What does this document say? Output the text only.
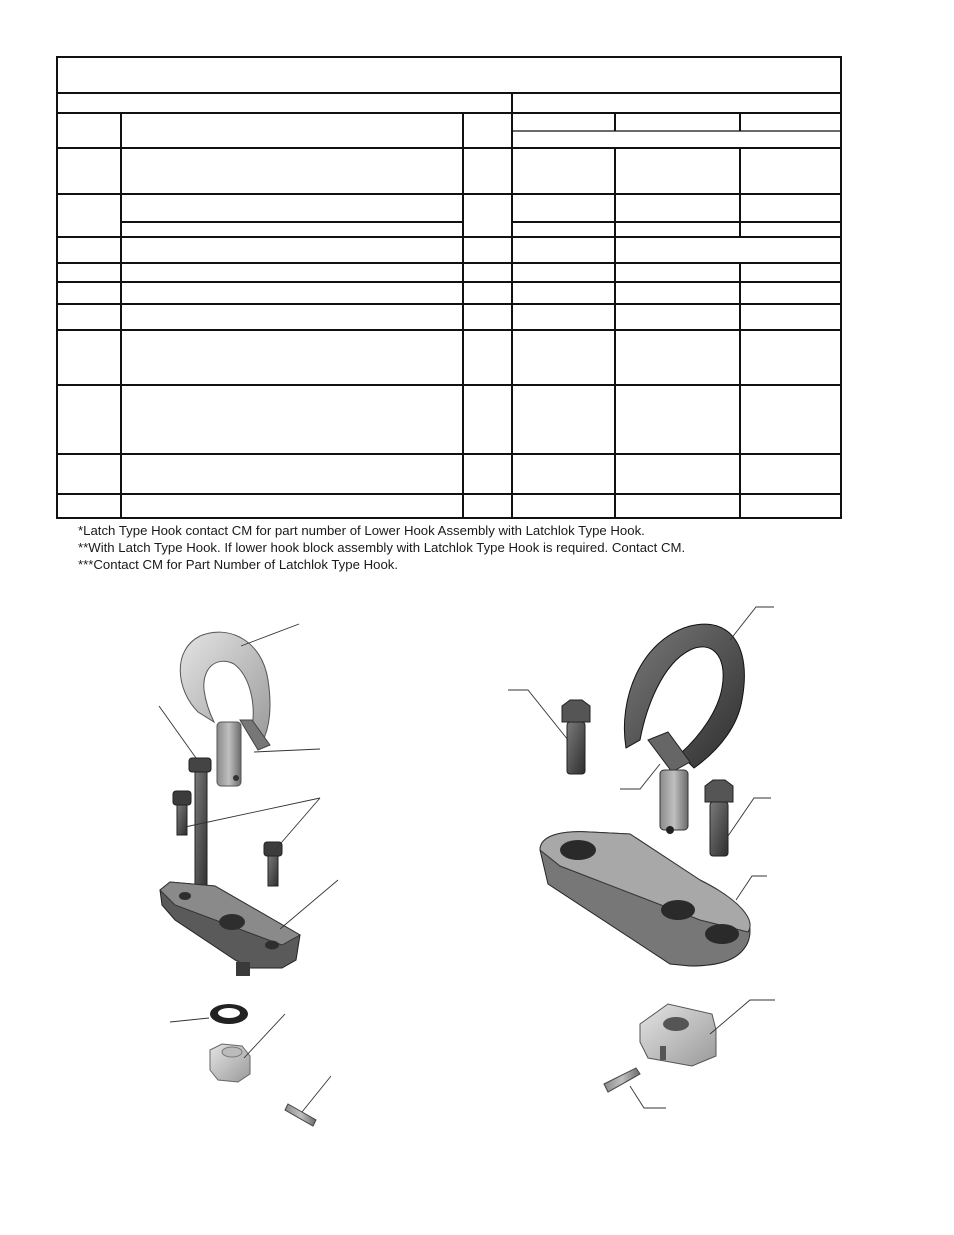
*Latch Type Hook contact CM for part number of Lower Hook Assembly with Latchlok Type Hook.
**With Latch Type Hook. If lower hook block assembly with Latchlok Type Hook is required. Contact CM.
***Contact CM for Part Number of Latchlok Type Hook.
